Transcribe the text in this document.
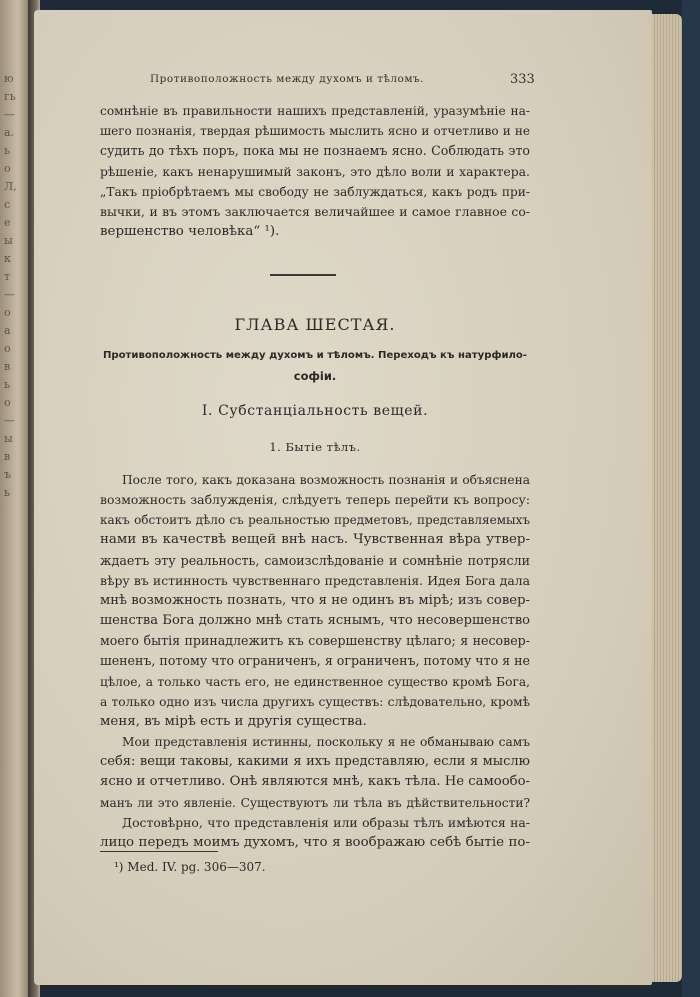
ю
гь
—
а.
ь
о
Л,
с
е
ы
к
т
—
о
а
о
в
ь
о
—
ы
в
ъ
ь
Противоположность между духомъ и тѣломъ.	333
сомнѣніе въ правильности нашихъ представленій, уразумѣніе на-
шего познанія, твердая рѣшимость мыслить ясно и отчетливо и не
судить до тѣхъ поръ, пока мы не познаемъ ясно. Соблюдать это
рѣшеніе, какъ ненарушимый законъ, это дѣло воли и характера.
„Такъ пріобрѣтаемъ мы свободу не заблуждаться, какъ родъ при-
вычки, и въ этомъ заключается величайшее и самое главное со-
вершенство человѣка“ ¹).
ГЛАВА ШЕСТАЯ.
Противоположность между духомъ и тѣломъ. Переходъ къ натурфило-
софіи.
I. Субстанціальность вещей.
1. Бытіе тѣлъ.
После того, какъ доказана возможность познанія и объяснена
возможность заблужденія, слѣдуетъ теперь перейти къ вопросу:
какъ обстоитъ дѣло съ реальностью предметовъ, представляемыхъ
нами въ качествѣ вещей внѣ насъ. Чувственная вѣра утвер-
ждаетъ эту реальность, самоизслѣдованіе и сомнѣніе потрясли
вѣру въ истинность чувственнаго представленія. Идея Бога дала
мнѣ возможность познать, что я не одинъ въ мірѣ; изъ совер-
шенства Бога должно мнѣ стать яснымъ, что несовершенство
моего бытія принадлежитъ къ совершенству цѣлаго; я несовер-
шененъ, потому что ограниченъ, я ограниченъ, потому что я не
цѣлое, а только часть его, не единственное существо кромѣ Бога,
а только одно изъ числа другихъ существъ: слѣдовательно, кромѣ
меня, въ мірѣ есть и другія существа.
Мои представленія истинны, поскольку я не обманываю самъ
себя: вещи таковы, какими я ихъ представляю, если я мыслю
ясно и отчетливо. Онѣ являются мнѣ, какъ тѣла. Не самообо-
манъ ли это явленіе. Существуютъ ли тѣла въ дѣйствительности?
Достовѣрно, что представленія или образы тѣлъ имѣются на-
лицо передъ моимъ духомъ, что я воображаю себѣ бытіе по-
¹) Med. IV. pg. 306—307.
